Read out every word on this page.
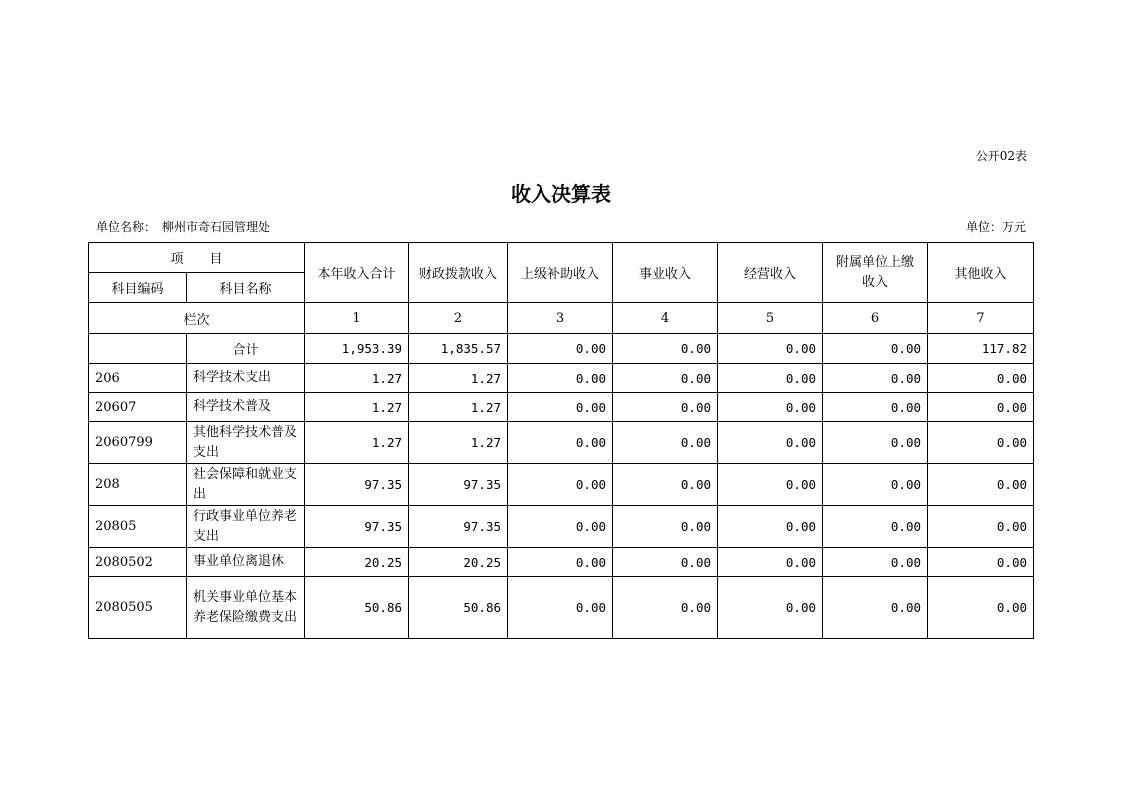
公开02表
收入决算表
单位名称： 柳州市奇石园管理处	单位：万元
项　　目		本年收入合计	财政拨款收入	上级补助收入	事业收入	经营收入	附属单位上缴收入	其他收入
科目编码	科目名称							
栏次		1	2	3	4	5	6	7
	合计	1,953.39	1,835.57	0.00	0.00	0.00	0.00	117.82
206	科学技术支出	1.27	1.27	0.00	0.00	0.00	0.00	0.00
20607	科学技术普及	1.27	1.27	0.00	0.00	0.00	0.00	0.00
2060799	其他科学技术普及支出	1.27	1.27	0.00	0.00	0.00	0.00	0.00
208	社会保障和就业支出	97.35	97.35	0.00	0.00	0.00	0.00	0.00
20805	行政事业单位养老支出	97.35	97.35	0.00	0.00	0.00	0.00	0.00
2080502	事业单位离退休	20.25	20.25	0.00	0.00	0.00	0.00	0.00
2080505	机关事业单位基本养老保险缴费支出	50.86	50.86	0.00	0.00	0.00	0.00	0.00
